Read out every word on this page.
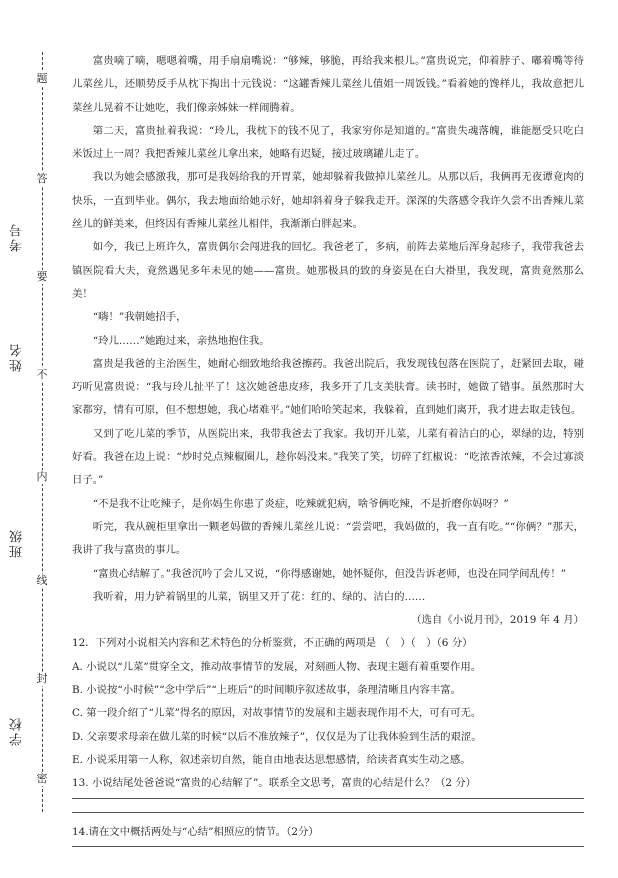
题
答
要
不
内
线
封
密
考号
姓名
班级
学校

富贵嘀了嘀，嗯嗯着嘴，用手扇扇嘴说：“够辣，够脆，再给我来根儿。”富贵说完，仰着脖子、嘟着嘴等待儿菜丝儿，还顺势反手从枕下掏出十元钱说：“这罐香辣儿菜丝儿值姐一周饭钱。”看着她的馋样儿，我故意把儿菜丝儿晃着不让她吃，我们像亲姊妹一样闹腾着。

第二天，富贵扯着我说：“玲儿，我枕下的钱不见了，我家穷你是知道的。”富贵失魂落魄，谁能愿受只吃白米饭过上一周？我把香辣儿菜丝儿拿出来，她略有迟疑，接过玻璃罐儿走了。

我以为她会感激我，那可是我妈给我的开胃菜，她却躲着我做掉儿菜丝儿。从那以后，我俩再无夜谭竟肉的快乐，一直到毕业。偶尔，我去地面给她示好，她却斜着身子躲我走开。深深的失落感令我许久尝不出香辣儿菜丝儿的鲜美来，但终因有香辣儿菜丝儿相伴，我渐渐白胖起来。

如今，我已上班许久，富贵偶尔会闯进我的回忆。我爸老了，多病，前阵去菜地后浑身起疹子，我带我爸去镇医院看大夫，竟然遇见多年未见的她——富贵。她那极具的致的身姿晃在白大褂里，我发现，富贵竟然那么美！

“嗨！”我朝她招手，

“玲儿……”她跑过来，亲热地抱住我。

富贵是我爸的主治医生，她耐心细致地给我爸擦药。我爸出院后，我发现钱包落在医院了，赶紧回去取，碰巧听见富贵说：“我与玲儿扯平了！这次她爸患皮疹，我多开了几支美肤膏。读书时，她做了错事。虽然那时大家都穷，情有可原，但不想想她，我心堵难平。”她们哈哈笑起来，我躲着，直到她们离开，我才进去取走钱包。

又到了吃儿菜的季节，从医院出来，我带我爸去了我家。我切开儿菜，儿菜有着洁白的心，翠绿的边，特别好看。我爸在边上说：“炒时兑点辣椒圈儿，趁你妈没来。”我笑了笑，切碎了红椒说：“吃浓香浓辣，不会过寡淡日子。”

“不是我不让吃辣子，是你妈生你患了炎症，吃辣就犯病，啥爷俩吃辣，不是折磨你妈呀？”

听完，我从碗柜里拿出一颗老妈做的香辣儿菜丝儿说：“尝尝吧，我妈做的，我一直有吃。”“你俩？”那天，我讲了我与富贵的事儿。

“富贵心结解了。”我爸沉吟了会儿又说，“你得感谢她，她怀疑你，但没告诉老师，也没在同学间乱传！”

我听着，用力铲着锅里的儿菜，锅里又开了花：红的、绿的、洁白的……

（选自《小说月刊》，2019 年 4 月）

12．下列对小说相关内容和艺术特色的分析鉴赏，不正确的两项是 （　）（　）（6 分）

A. 小说以“儿菜”贯穿全文，推动故事情节的发展，对刻画人物、表现主题有着重要作用。

B. 小说按“小时候”“念中学后”“上班后”的时间顺序叙述故事，条理清晰且内容丰富。

C. 第一段介绍了“儿菜”得名的原因，对故事情节的发展和主题表现作用不大，可有可无。

D. 父亲要求母亲在做儿菜的时候“以后不准放辣子”，仅仅是为了让我体验到生活的艰涩。

E. 小说采用第一人称，叙述亲切自然，能自由地表达思想感情，给读者真实生动之感。

13. 小说结尾处爸爸说“富贵的心结解了”。联系全文思考，富贵的心结是什么？（2 分）

14.请在文中概括两处与“心结”相照应的情节。（2分）
